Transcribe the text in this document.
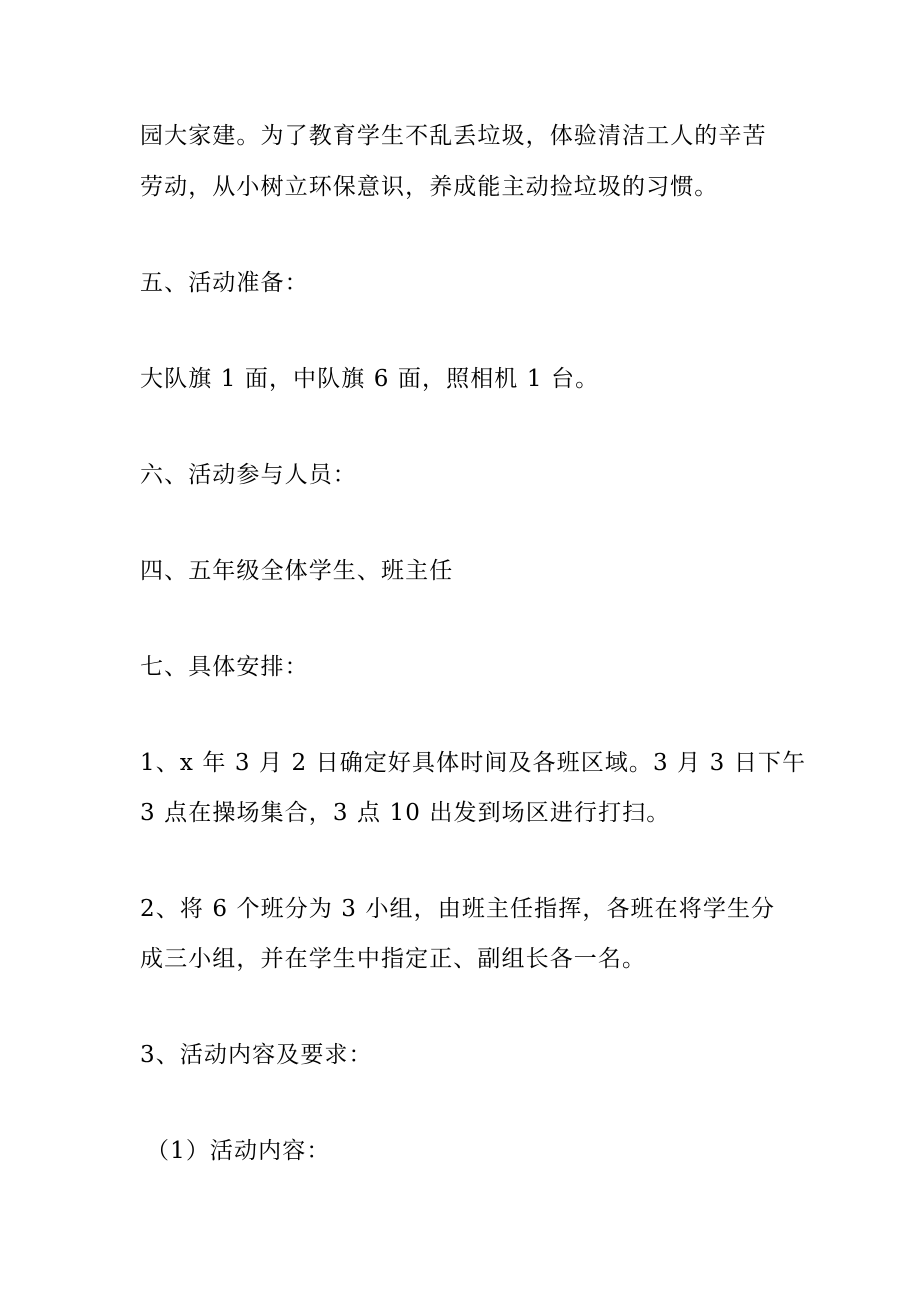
园大家建。为了教育学生不乱丢垃圾，体验清洁工人的辛苦
劳动，从小树立环保意识，养成能主动捡垃圾的习惯。
五、活动准备：
大队旗 1 面，中队旗 6 面，照相机 1 台。
六、活动参与人员：
四、五年级全体学生、班主任
七、具体安排：
1、x 年 3 月 2 日确定好具体时间及各班区域。3 月 3 日下午
3 点在操场集合，3 点 10 出发到场区进行打扫。
2、将 6 个班分为 3 小组，由班主任指挥，各班在将学生分
成三小组，并在学生中指定正、副组长各一名。
3、活动内容及要求：
（1）活动内容：
